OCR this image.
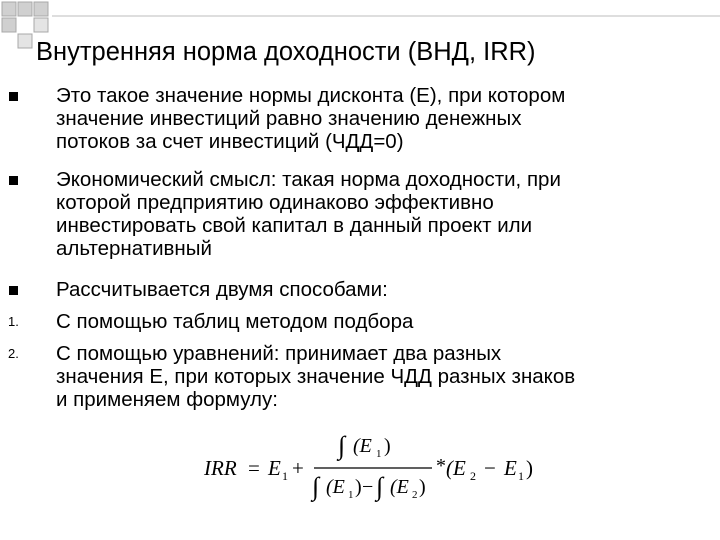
Внутренняя норма доходности (ВНД, IRR)
Это такое значение нормы дисконта (Е), при котором
значение инвестиций равно значению денежных
потоков за счет инвестиций (ЧДД=0)
Экономический смысл: такая норма доходности, при
которой предприятию одинаково эффективно
инвестировать свой капитал в данный проект или
альтернативный
Рассчитывается двумя способами:
1. С помощью таблиц методом подбора
2. С помощью уравнений: принимает два разных
значения Е, при которых значение ЧДД разных знаков
и применяем формулу:
IRR = E 1 +
∫ (E 1 )
∫ (E 1 ) − ∫ (E 2 )
* (E 2 − E 1 )
